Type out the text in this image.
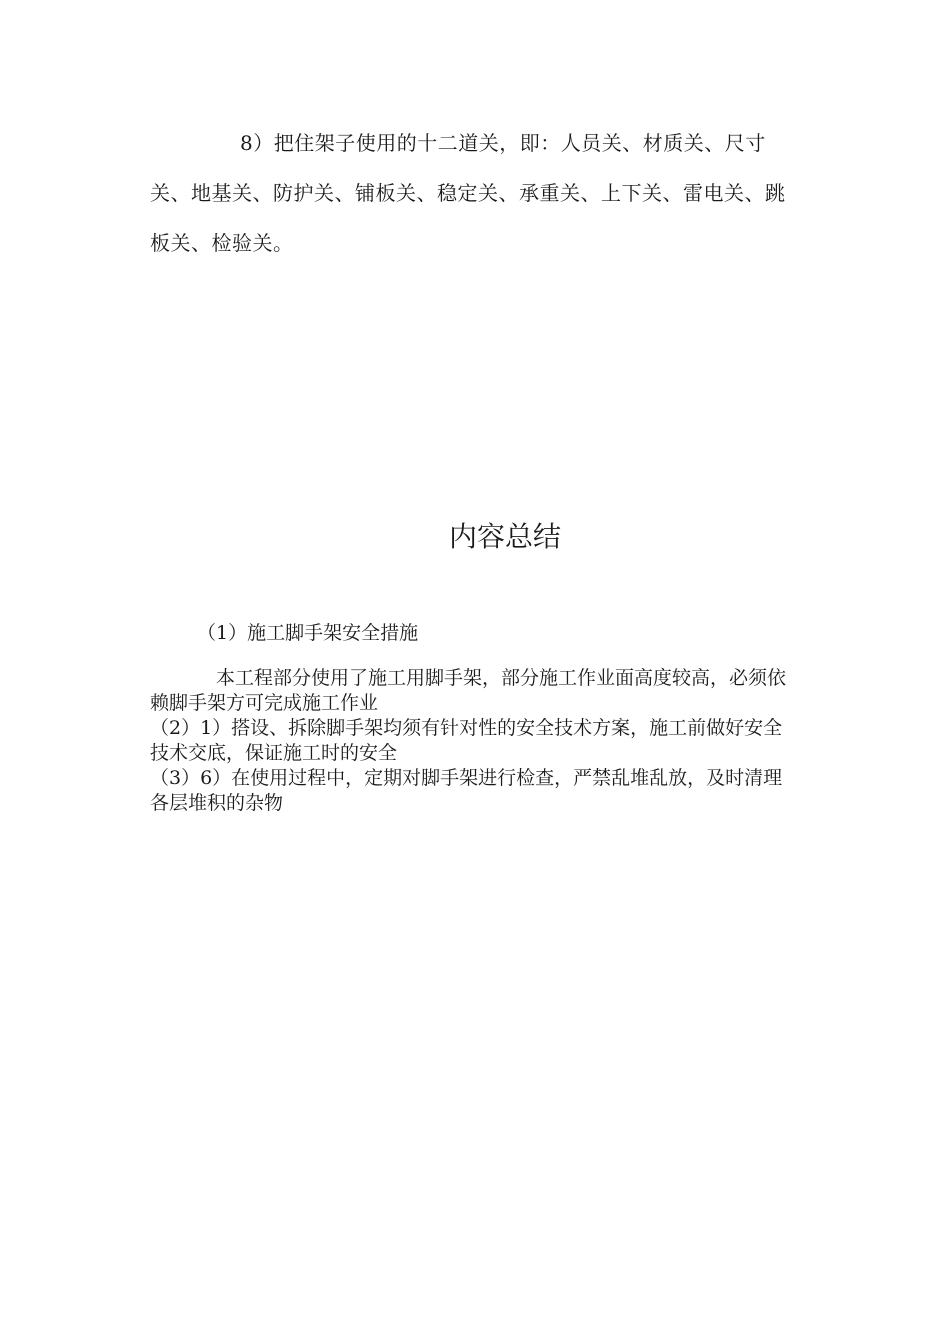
8）把住架子使用的十二道关，即：人员关、材质关、尺寸关、地基关、防护关、铺板关、稳定关、承重关、上下关、雷电关、跳板关、检验关。

内容总结

（1）施工脚手架安全措施

本工程部分使用了施工用脚手架，部分施工作业面高度较高，必须依赖脚手架方可完成施工作业

（2）1）搭设、拆除脚手架均须有针对性的安全技术方案，施工前做好安全技术交底，保证施工时的安全

（3）6）在使用过程中，定期对脚手架进行检查，严禁乱堆乱放，及时清理各层堆积的杂物
